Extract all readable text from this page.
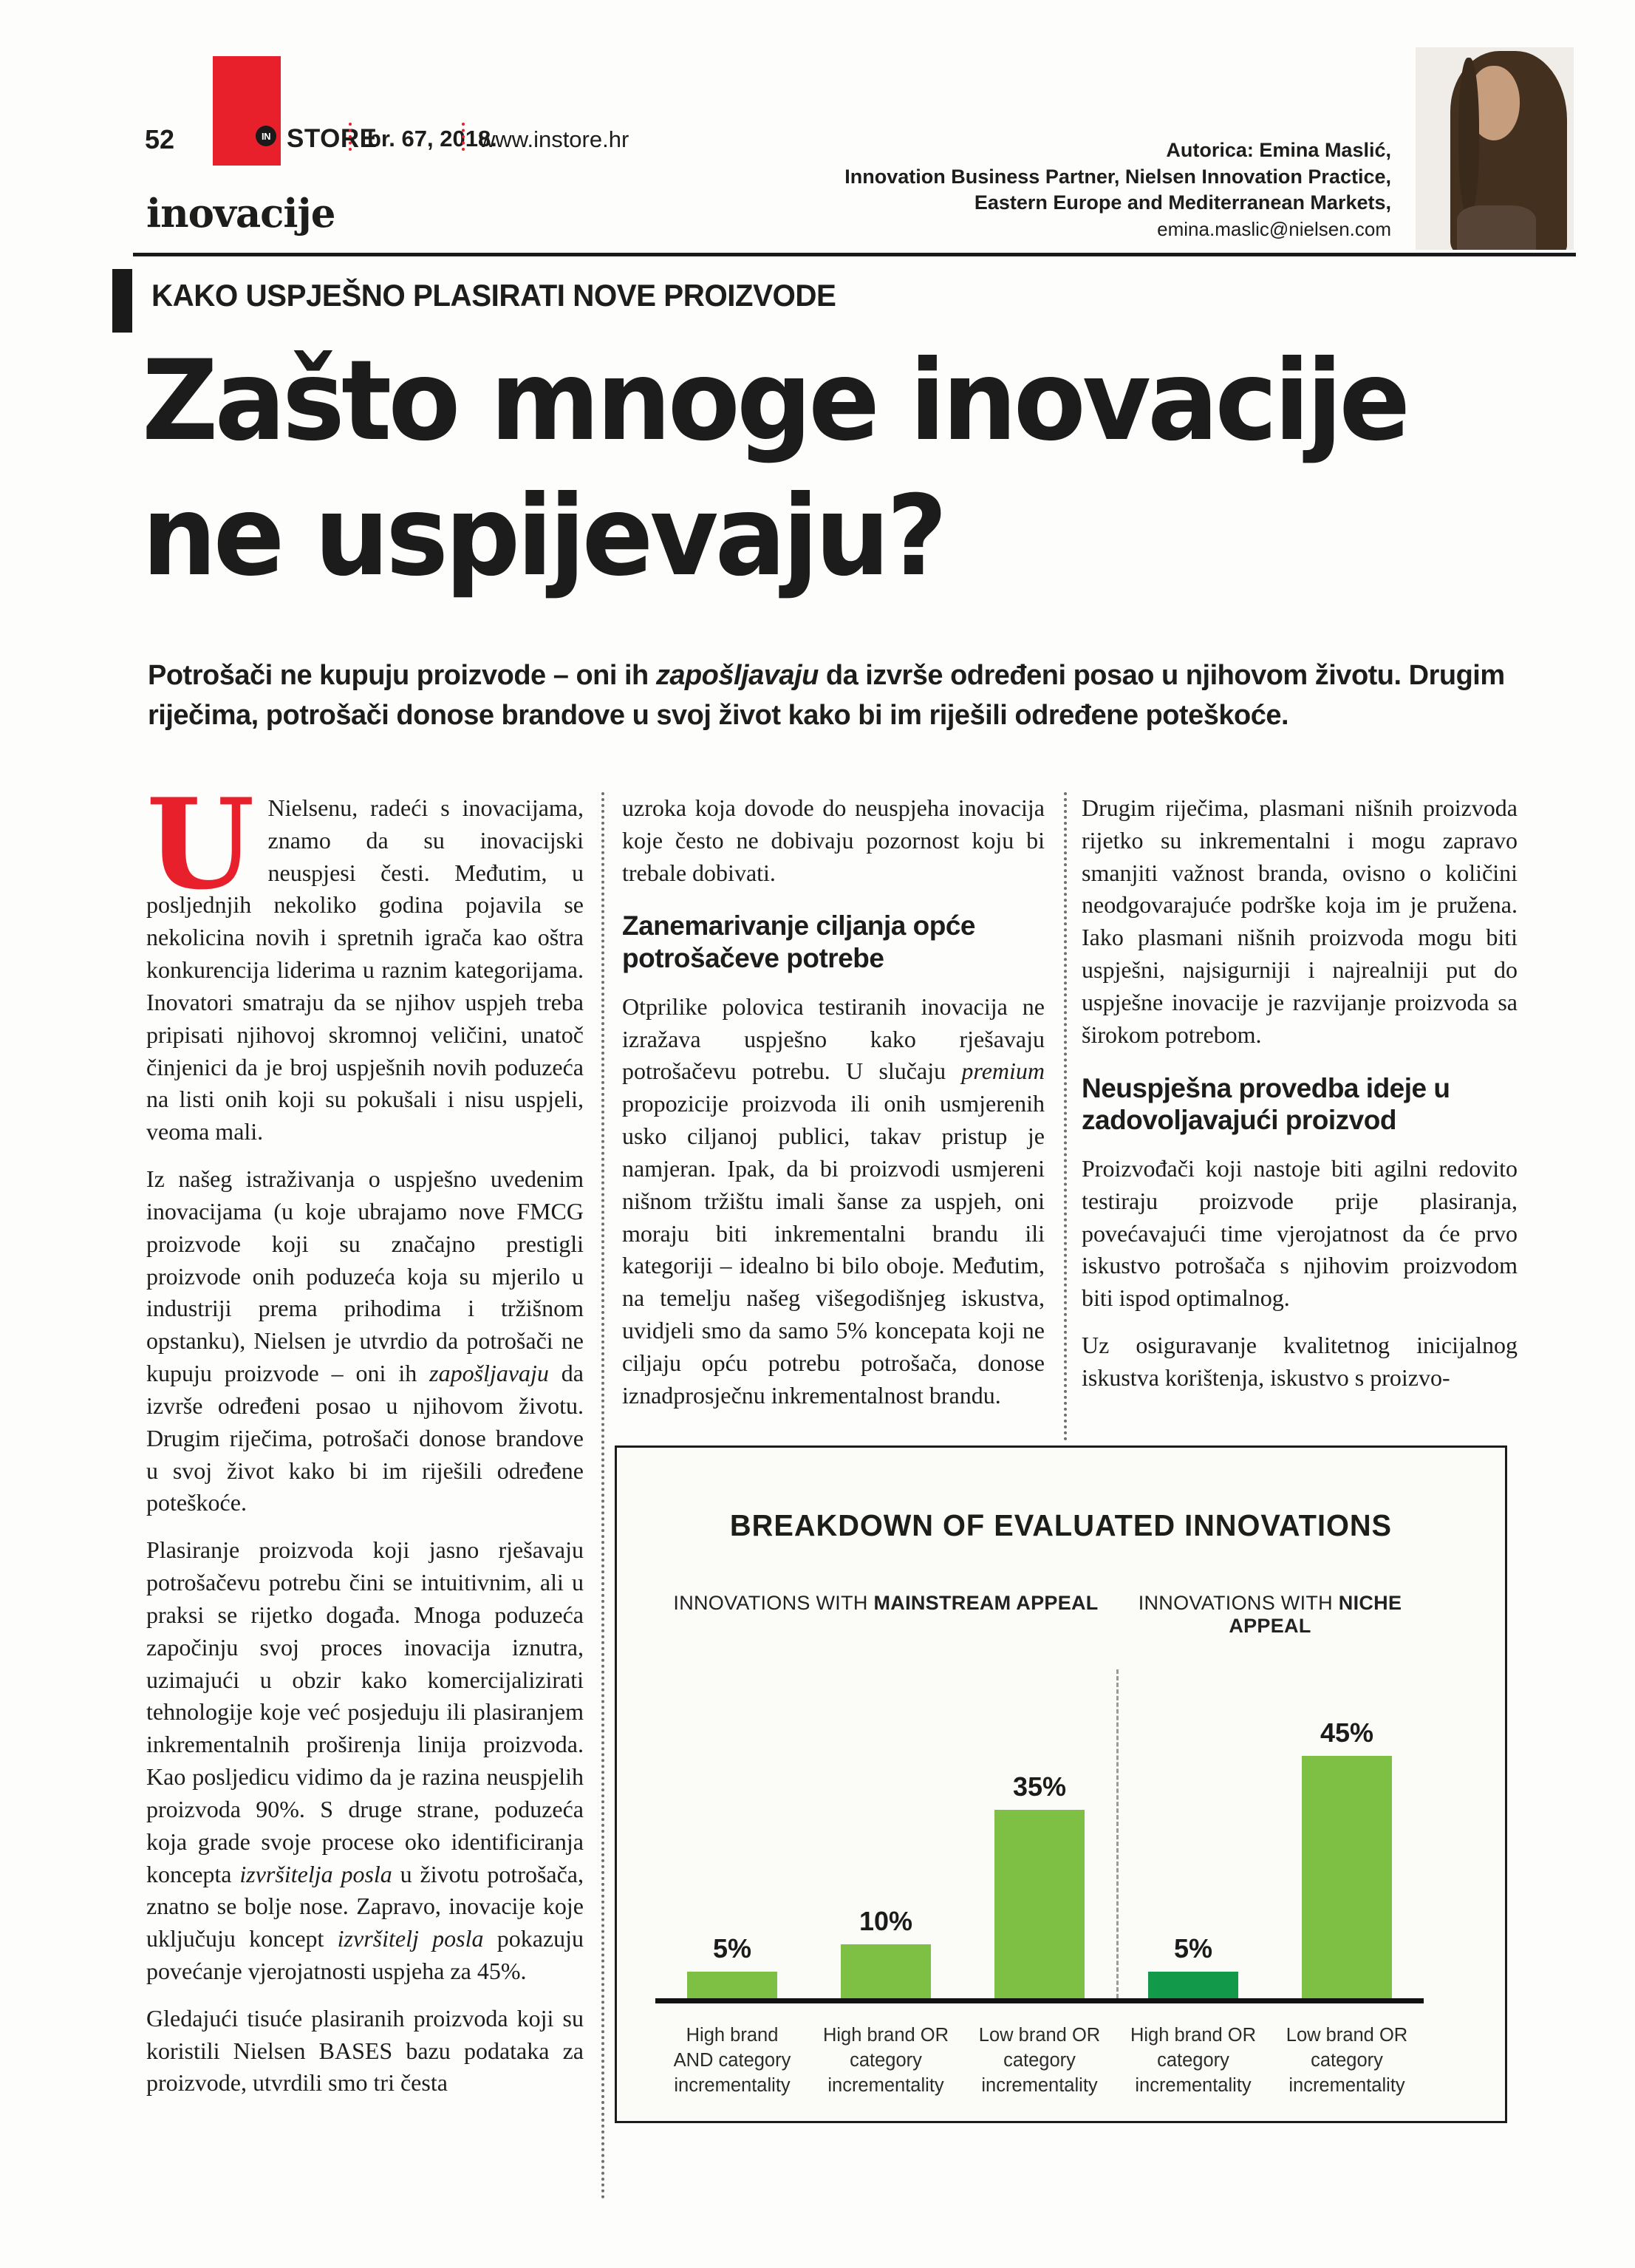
52	IN STORE
br. 67, 2018.
www.instore.hr
inovacije
Autorica: Emina Maslić,
Innovation Business Partner, Nielsen Innovation Practice,
Eastern Europe and Mediterranean Markets,
emina.maslic@nielsen.com
KAKO USPJEŠNO PLASIRATI NOVE PROIZVODE
Zašto mnoge inovacije
ne uspijevaju?
Potrošači ne kupuju proizvode – oni ih zapošljavaju da izvrše određeni posao u njihovom životu. Drugim riječima, potrošači donose brandove u svoj život kako bi im riješili određene poteškoće.

U Nielsenu, radeći s inovacijama, znamo da su inovacijski neuspjesi česti. Međutim, u posljednjih nekoliko godina pojavila se nekolicina novih i spretnih igrača kao oštra konkurencija liderima u raznim kategorijama. Inovatori smatraju da se njihov uspjeh treba pripisati njihovoj skromnoj veličini, unatoč činjenici da je broj uspješnih novih poduzeća na listi onih koji su pokušali i nisu uspjeli, veoma mali.

Iz našeg istraživanja o uspješno uvedenim inovacijama (u koje ubrajamo nove FMCG proizvode koji su značajno prestigli proizvode onih poduzeća koja su mjerilo u industriji prema prihodima i tržišnom opstanku), Nielsen je utvrdio da potrošači ne kupuju proizvode – oni ih zapošljavaju da izvrše određeni posao u njihovom životu. Drugim riječima, potrošači donose brandove u svoj život kako bi im riješili određene poteškoće.

Plasiranje proizvoda koji jasno rješavaju potrošačevu potrebu čini se intuitivnim, ali u praksi se rijetko događa. Mnoga poduzeća započinju svoj proces inovacija iznutra, uzimajući u obzir kako komercijalizirati tehnologije koje već posjeduju ili plasiranjem inkrementalnih proširenja linija proizvoda. Kao posljedicu vidimo da je razina neuspjelih proizvoda 90%. S druge strane, poduzeća koja grade svoje procese oko identificiranja koncepta izvršitelja posla u životu potrošača, znatno se bolje nose. Zapravo, inovacije koje uključuju koncept izvršitelj posla pokazuju povećanje vjerojatnosti uspjeha za 45%.

Gledajući tisuće plasiranih proizvoda koji su koristili Nielsen BASES bazu podataka za proizvode, utvrdili smo tri česta

uzroka koja dovode do neuspjeha inovacija koje često ne dobivaju pozornost koju bi trebale dobivati.

Zanemarivanje ciljanja opće potrošačeve potrebe

Otprilike polovica testiranih inovacija ne izražava uspješno kako rješavaju potrošačevu potrebu. U slučaju premium propozicije proizvoda ili onih usmjerenih usko ciljanoj publici, takav pristup je namjeran. Ipak, da bi proizvodi usmjereni nišnom tržištu imali šanse za uspjeh, oni moraju biti inkrementalni brandu ili kategoriji – idealno bi bilo oboje. Međutim, na temelju našeg višegodišnjeg iskustva, uvidjeli smo da samo 5% koncepata koji ne ciljaju opću potrebu potrošača, donose iznadprosječnu inkrementalnost brandu.

Drugim riječima, plasmani nišnih proizvoda rijetko su inkrementalni i mogu zapravo smanjiti važnost branda, ovisno o količini neodgovarajuće podrške koja im je pružena. Iako plasmani nišnih proizvoda mogu biti uspješni, najsigurniji i najrealniji put do uspješne inovacije je razvijanje proizvoda sa širokom potrebom.

Neuspješna provedba ideje u zadovoljavajući proizvod

Proizvođači koji nastoje biti agilni redovito testiraju proizvode prije plasiranja, povećavajući time vjerojatnost da će prvo iskustvo potrošača s njihovim proizvodom biti ispod optimalnog.

Uz osiguravanje kvalitetnog inicijalnog iskustva korištenja, iskustvo s proizvo-

BREAKDOWN OF EVALUATED INNOVATIONS
INNOVATIONS WITH MAINSTREAM APPEAL	INNOVATIONS WITH NICHE APPEAL
5%
10%
35%
5%
45%
High brand AND category incrementality
High brand OR category incrementality
Low brand OR category incrementality
High brand OR category incrementality
Low brand OR category incrementality
